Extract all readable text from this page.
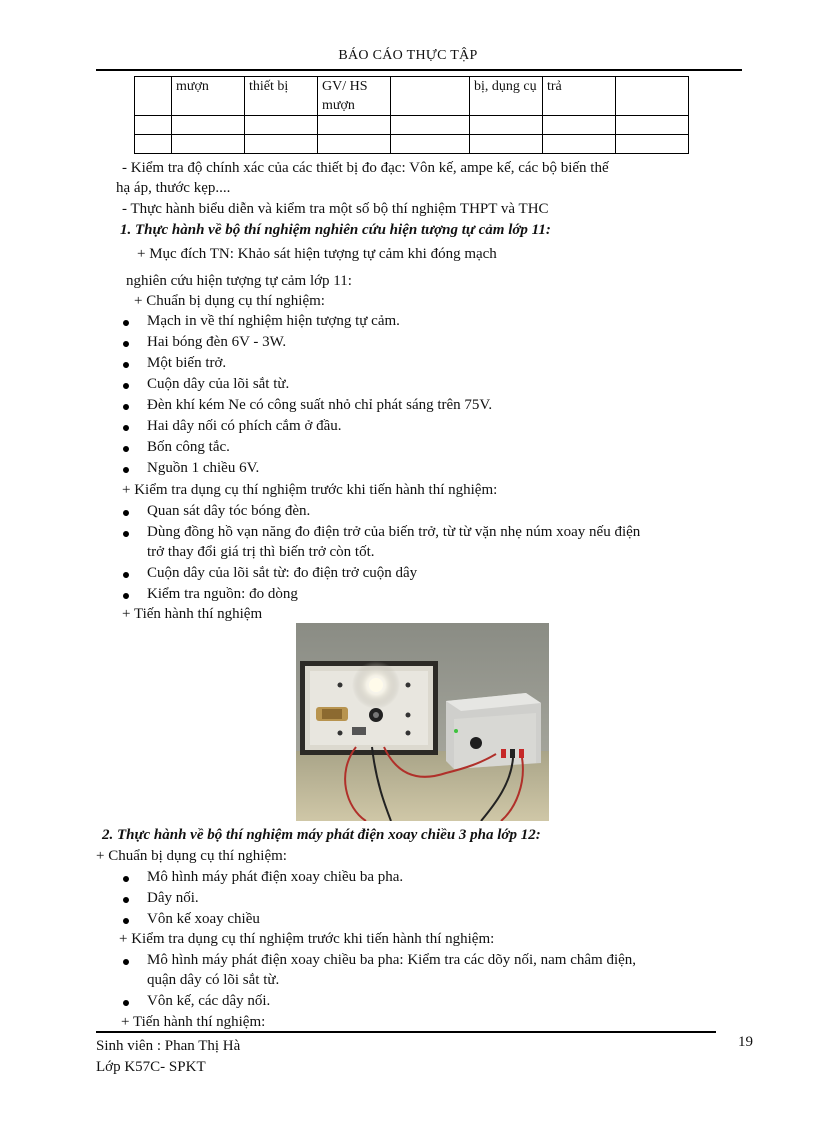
BÁO CÁO THỰC TẬP
	mượn	thiết bị	GV/ HS mượn		bị, dụng cụ	trả	

- Kiểm tra độ chính xác của các thiết bị đo đạc: Vôn kế, ampe kế, các bộ biến thế
hạ áp, thước kẹp....
- Thực hành biểu diễn và kiểm tra một số bộ thí nghiệm THPT và THC
1. Thực hành về bộ thí nghiệm nghiên cứu hiện tượng tự cảm lớp 11:
+ Mục đích TN: Khảo sát hiện tượng tự cảm khi đóng mạch
nghiên cứu hiện tượng tự cảm lớp 11:
+ Chuẩn bị dụng cụ thí nghiệm:
Mạch in về thí nghiệm hiện tượng tự cảm.
Hai bóng đèn 6V - 3W.
Một biến trở.
Cuộn dây của lõi sắt từ.
Đèn khí kém Ne có công suất nhỏ chỉ phát sáng trên 75V.
Hai dây nối có phích cắm ở đầu.
Bốn công tắc.
Nguồn 1 chiều 6V.
+ Kiểm tra dụng cụ thí nghiệm trước khi tiến hành thí nghiệm:
Quan sát dây tóc bóng đèn.
Dùng đồng hồ vạn năng đo điện trở của biến trở, từ từ vặn nhẹ núm xoay nếu điện
trở thay đổi giá trị thì biến trở còn tốt.
Cuộn dây của lõi sắt từ: đo điện trở cuộn dây
Kiểm tra nguồn: đo dòng
+ Tiến hành thí nghiệm
2. Thực hành về bộ thí nghiệm máy phát điện xoay chiều 3 pha lớp 12:
+ Chuẩn bị dụng cụ thí nghiệm:
Mô hình máy phát điện xoay chiều ba pha.
Dây nối.
Vôn kế xoay chiều
+ Kiểm tra dụng cụ thí nghiệm trước khi tiến hành thí nghiệm:
Mô hình máy phát điện xoay chiều ba pha: Kiểm tra các dõy nối, nam châm điện,
quận dây có lõi sắt từ.
Vôn kế, các dây nối.
+ Tiến hành thí nghiệm:
Sinh viên : Phan Thị Hà
Lớp K57C- SPKT
19
